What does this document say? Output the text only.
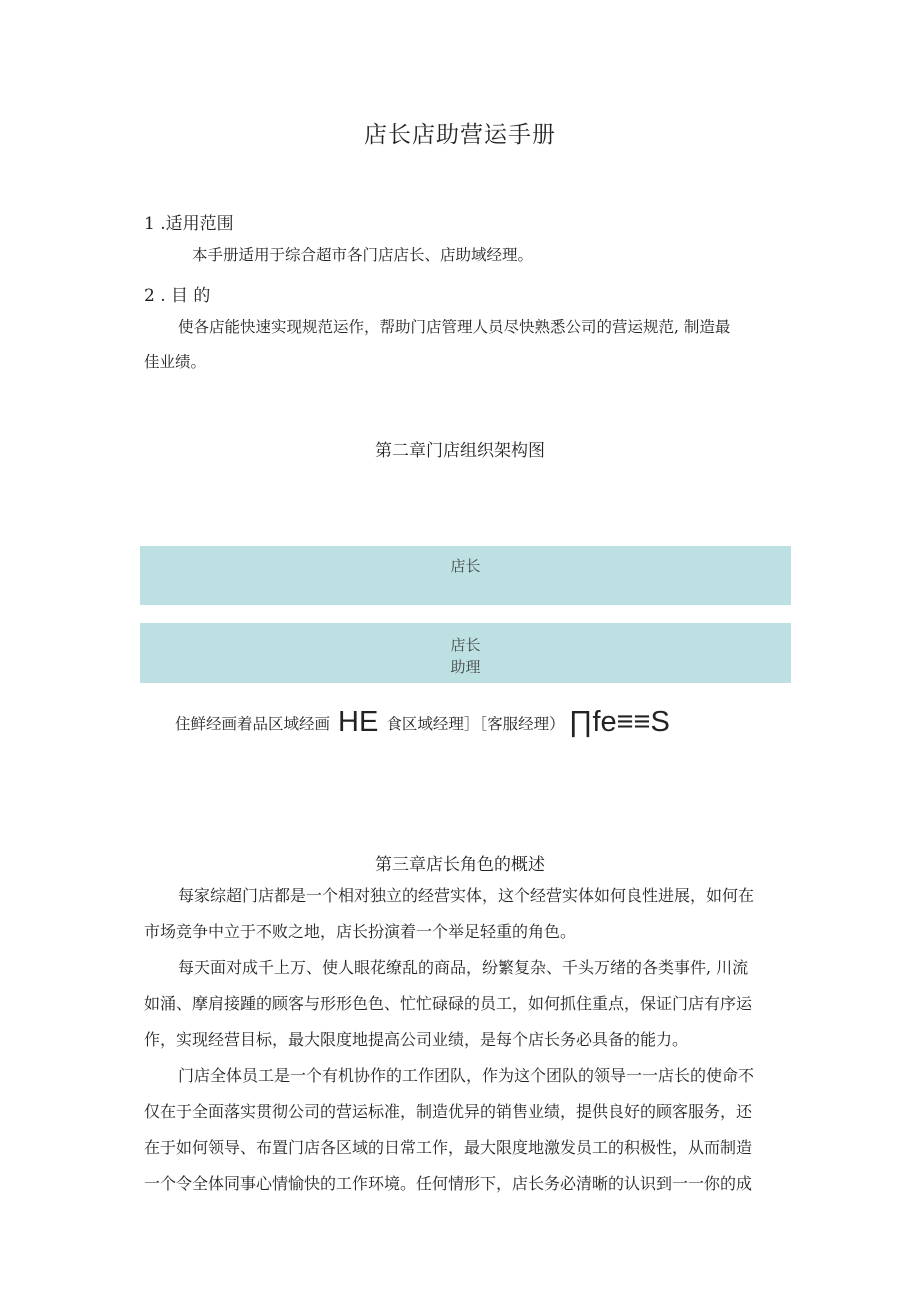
店长店助营运手册
1 .适用范围
本手册适用于综合超市各门店店长、店助域经理。
2 . 目 的
使各店能快速实现规范运作，帮助门店管理人员尽快熟悉公司的营运规范, 制造最
佳业绩。
第二章门店组织架构图
店长
店长
助理
住鲜经画着品区域经画 HE 食区域经理］［客服经理） ∏fe≡≡S
第三章店长角色的概述
每家综超门店都是一个相对独立的经营实体，这个经营实体如何良性进展，如何在
市场竞争中立于不败之地，店长扮演着一个举足轻重的角色。
每天面对成千上万、使人眼花缭乱的商品，纷繁复杂、千头万绪的各类事件, 川流
如涌、摩肩接踵的顾客与形形色色、忙忙碌碌的员工，如何抓住重点，保证门店有序运
作，实现经营目标，最大限度地提高公司业绩，是每个店长务必具备的能力。
门店全体员工是一个有机协作的工作团队，作为这个团队的领导一一店长的使命不
仅在于全面落实贯彻公司的营运标准，制造优异的销售业绩，提供良好的顾客服务，还
在于如何领导、布置门店各区域的日常工作，最大限度地激发员工的积极性，从而制造
一个令全体同事心情愉快的工作环境。任何情形下，店长务必清晰的认识到一一你的成
